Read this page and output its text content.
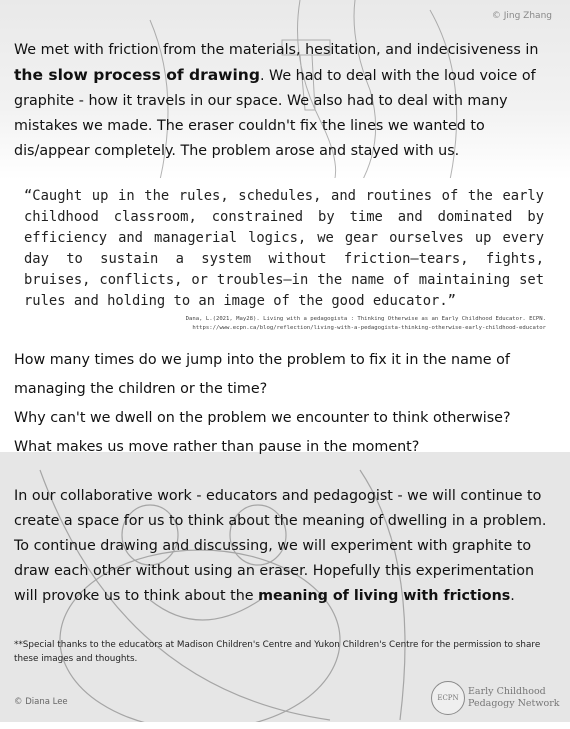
© Jing Zhang
We met with friction from the materials, hesitation, and indecisiveness in the slow process of drawing. We had to deal with the loud voice of graphite - how it travels in our space. We also had to deal with many mistakes we made. The eraser couldn't fix the lines we wanted to dis/appear completely. The problem arose and stayed with us.
“Caught up in the rules, schedules, and routines of the early childhood classroom, constrained by time and dominated by efficiency and managerial logics, we gear ourselves up every day to sustain a system without friction—tears, fights, bruises, conflicts, or troubles—in the name of maintaining set rules and holding to an image of the good educator.”
Dana, L.(2021, May28). Living with a pedagogista : Thinking Otherwise as an Early Childhood Educator. ECPN.
https://www.ecpn.ca/blog/reflection/living-with-a-pedagogista-thinking-otherwise-early-childhood-educator
How many times do we jump into the problem to fix it in the name of
managing the children or the time?
Why can't we dwell on the problem we encounter to think otherwise?
What makes us move rather than pause in the moment?
In our collaborative work - educators and pedagogist - we will continue to create a space for us to think about the meaning of dwelling in a problem. To continue drawing and discussing, we will experiment with graphite to draw each other without using an eraser. Hopefully this experimentation will provoke us to think about the meaning of living with frictions.
**Special thanks to the educators at Madison Children's Centre and Yukon Children's Centre for the permission to share these images and thoughts.
© Diana Lee	ECPN
Early Childhood
Pedagogy Network
